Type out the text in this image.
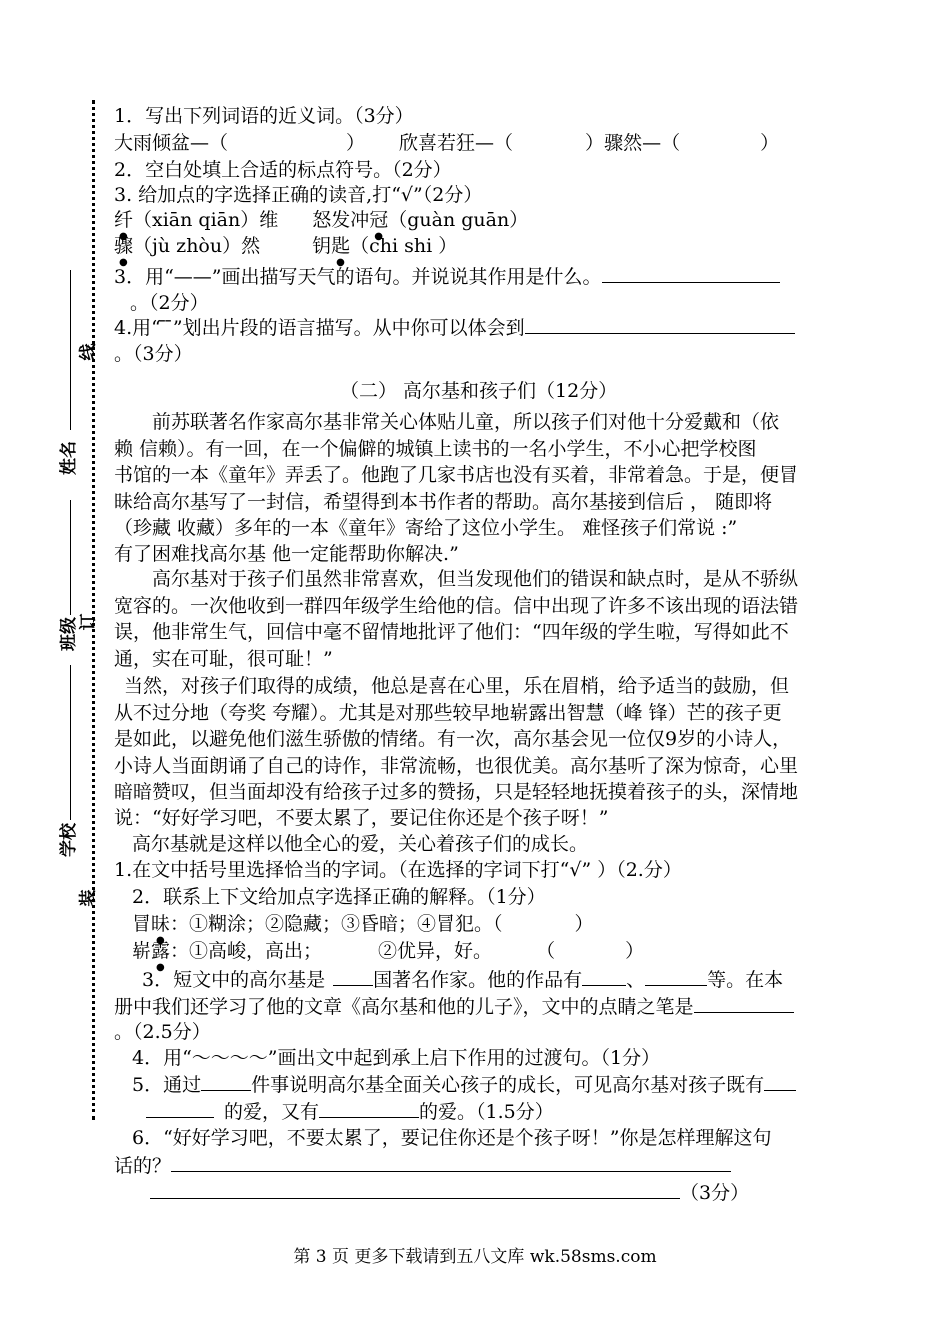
线
订
装
姓名
班级
学校
1．写出下列词语的近义词。（3分）
大雨倾盆—（	） 欣喜若狂—（	）骤然—（	）
2．空白处填上合适的标点符号。（2分）
3. 给加点的字选择正确的读音,打“√”（2分）
纤（xiān qiān）维 怒发冲冠（guàn guān）
骤（jù zhòu）然	钥匙（chi shi ）
3．用“——”画出描写天气的语句。并说说其作用是什么。
。（2分）
4.用“ ̄ ̄”划出片段的语言描写。从中你可以体会到
。（3分）
（二） 高尔基和孩子们（12分）
前苏联著名作家高尔基非常关心体贴儿童，所以孩子们对他十分爱戴和（依
赖 信赖）。有一回，在一个偏僻的城镇上读书的一名小学生，不小心把学校图
书馆的一本《童年》弄丢了。他跑了几家书店也没有买着，非常着急。于是，便冒
昧给高尔基写了一封信，希望得到本书作者的帮助。高尔基接到信后 ， 随即将
（珍藏 收藏）多年的一本《童年》寄给了这位小学生。 难怪孩子们常说 :”
有了困难找高尔基 他一定能帮助你解决.”
高尔基对于孩子们虽然非常喜欢，但当发现他们的错误和缺点时，是从不骄纵
宽容的。一次他收到一群四年级学生给他的信。信中出现了许多不该出现的语法错
误，他非常生气，回信中毫不留情地批评了他们：“四年级的学生啦，写得如此不
通，实在可耻，很可耻！”
当然，对孩子们取得的成绩，他总是喜在心里，乐在眉梢，给予适当的鼓励，但
从不过分地（夸奖 夸耀）。尤其是对那些较早地崭露出智慧（峰 锋）芒的孩子更
是如此，以避免他们滋生骄傲的情绪。有一次，高尔基会见一位仅9岁的小诗人，
小诗人当面朗诵了自己的诗作，非常流畅，也很优美。高尔基听了深为惊奇，心里
暗暗赞叹，但当面却没有给孩子过多的赞扬，只是轻轻地抚摸着孩子的头，深情地
说：“好好学习吧，不要太累了，要记住你还是个孩子呀！”
高尔基就是这样以他全心的爱，关心着孩子们的成长。
1.在文中括号里选择恰当的字词。（在选择的字词下打“√” ）（2.分）
2．联系上下文给加点字选择正确的解释。（1分）
冒昧：①糊涂；②隐藏；③昏暗；④冒犯。（	）
崭露：①高峻，高出；	②优异，好。 （	）
3．短文中的高尔基是	国著名作家。他的作品有 、	等。在本
册中我们还学习了他的文章《高尔基和他的儿子》，文中的点睛之笔是
。（2.5分）
4．用“～～～～”画出文中起到承上启下作用的过渡句。（1分）
5．通过	件事说明高尔基全面关心孩子的成长，可见高尔基对孩子既有
的爱，又有	的爱。（1.5分）
6．“好好学习吧，不要太累了，要记住你还是个孩子呀！”你是怎样理解这句
话的？
（3分）
第 3 页 更多下载请到五八文库 wk.58sms.com
